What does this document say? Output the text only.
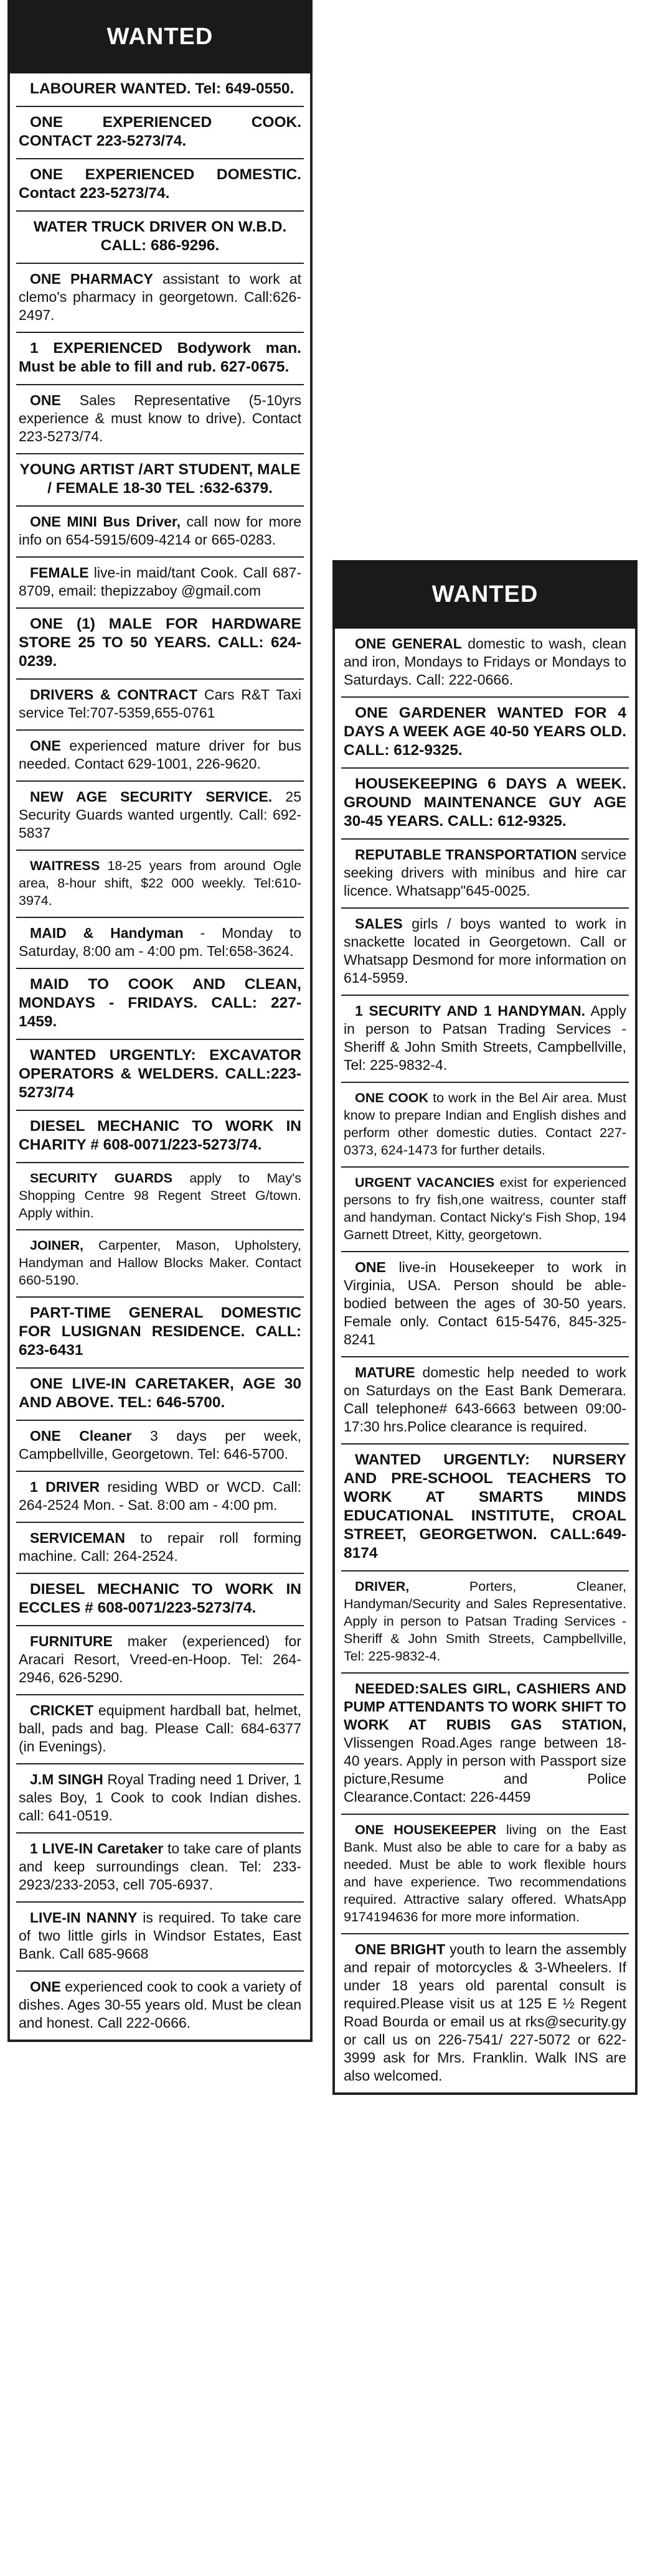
WANTED

LABOURER WANTED. Tel: 649-0550.

ONE EXPERIENCED COOK. CONTACT 223-5273/74.

ONE EXPERIENCED DOMESTIC. Contact 223-5273/74.

WATER TRUCK DRIVER ON W.B.D. CALL: 686-9296.

ONE PHARMACY assistant to work at clemo's pharmacy in georgetown. Call:626-2497.

1 EXPERIENCED Bodywork man. Must be able to fill and rub. 627-0675.

ONE Sales Representative (5-10yrs experience & must know to drive). Contact 223-5273/74.

YOUNG ARTIST /ART STUDENT, MALE / FEMALE 18-30 TEL :632-6379.

ONE MINI Bus Driver, call now for more info on 654-5915/609-4214 or 665-0283.

FEMALE live-in maid/tant Cook. Call 687-8709, email: thepizzaboy @gmail.com

ONE (1) MALE FOR HARDWARE STORE 25 TO 50 YEARS. CALL: 624-0239.

DRIVERS & CONTRACT Cars R&T Taxi service Tel:707-5359,655-0761

ONE experienced mature driver for bus needed. Contact 629-1001, 226-9620.

NEW AGE SECURITY SERVICE. 25 Security Guards wanted urgently. Call: 692-5837

WAITRESS 18-25 years from around Ogle area, 8-hour shift, $22 000 weekly. Tel:610-3974.

MAID & Handyman - Monday to Saturday, 8:00 am - 4:00 pm. Tel:658-3624.

MAID TO COOK AND CLEAN, MONDAYS - FRIDAYS. CALL: 227-1459.

WANTED URGENTLY: EXCAVATOR OPERATORS & WELDERS. CALL:223-5273/74

DIESEL MECHANIC TO WORK IN CHARITY # 608-0071/223-5273/74.

SECURITY GUARDS apply to May's Shopping Centre 98 Regent Street G/town. Apply within.

JOINER, Carpenter, Mason, Upholstery, Handyman and Hallow Blocks Maker. Contact 660-5190.

PART-TIME GENERAL DOMESTIC FOR LUSIGNAN RESIDENCE. CALL: 623-6431

ONE LIVE-IN CARETAKER, AGE 30 AND ABOVE. TEL: 646-5700.

ONE Cleaner 3 days per week, Campbellville, Georgetown. Tel: 646-5700.

1 DRIVER residing WBD or WCD. Call: 264-2524 Mon. - Sat. 8:00 am - 4:00 pm.

SERVICEMAN to repair roll forming machine. Call: 264-2524.

DIESEL MECHANIC TO WORK IN ECCLES # 608-0071/223-5273/74.

FURNITURE maker (experienced) for Aracari Resort, Vreed-en-Hoop. Tel: 264-2946, 626-5290.

CRICKET equipment hardball bat, helmet, ball, pads and bag. Please Call: 684-6377 (in Evenings).

J.M SINGH Royal Trading need 1 Driver, 1 sales Boy, 1 Cook to cook Indian dishes. call: 641-0519.

1 LIVE-IN Caretaker to take care of plants and keep surroundings clean. Tel: 233-2923/233-2053, cell 705-6937.

LIVE-IN NANNY is required. To take care of two little girls in Windsor Estates, East Bank. Call 685-9668

ONE experienced cook to cook a variety of dishes. Ages 30-55 years old. Must be clean and honest. Call 222-0666.

WANTED

ONE GENERAL domestic to wash, clean and iron, Mondays to Fridays or Mondays to Saturdays. Call: 222-0666.

ONE GARDENER WANTED FOR 4 DAYS A WEEK AGE 40-50 YEARS OLD. CALL: 612-9325.

HOUSEKEEPING 6 DAYS A WEEK. GROUND MAINTENANCE GUY AGE 30-45 YEARS. CALL: 612-9325.

REPUTABLE TRANSPORTATION service seeking drivers with minibus and hire car licence. Whatsapp"645-0025.

SALES girls / boys wanted to work in snackette located in Georgetown. Call or Whatsapp Desmond for more information on 614-5959.

1 SECURITY AND 1 HANDYMAN. Apply in person to Patsan Trading Services - Sheriff & John Smith Streets, Campbellville, Tel: 225-9832-4.

ONE COOK to work in the Bel Air area. Must know to prepare Indian and English dishes and perform other domestic duties. Contact 227-0373, 624-1473 for further details.

URGENT VACANCIES exist for experienced persons to fry fish,one waitress, counter staff and handyman. Contact Nicky's Fish Shop, 194 Garnett Dtreet, Kitty, georgetown.

ONE live-in Housekeeper to work in Virginia, USA. Person should be able-bodied between the ages of 30-50 years. Female only. Contact 615-5476, 845-325-8241

MATURE domestic help needed to work on Saturdays on the East Bank Demerara. Call telephone# 643-6663 between 09:00- 17:30 hrs.Police clearance is required.

WANTED URGENTLY: NURSERY AND PRE-SCHOOL TEACHERS TO WORK AT SMARTS MINDS EDUCATIONAL INSTITUTE, CROAL STREET, GEORGETWON. CALL:649-8174

DRIVER, Porters, Cleaner, Handyman/Security and Sales Representative. Apply in person to Patsan Trading Services - Sheriff & John Smith Streets, Campbellville, Tel: 225-9832-4.

NEEDED:SALES GIRL, CASHIERS AND PUMP ATTENDANTS TO WORK SHIFT TO WORK AT RUBIS GAS STATION, Vlissengen Road.Ages range between 18-40 years. Apply in person with Passport size picture,Resume and Police Clearance.Contact: 226-4459

ONE HOUSEKEEPER living on the East Bank. Must also be able to care for a baby as needed. Must be able to work flexible hours and have experience. Two recommendations required. Attractive salary offered. WhatsApp 9174194636 for more more information.

ONE BRIGHT youth to learn the assembly and repair of motorcycles & 3-Wheelers. If under 18 years old parental consult is required.Please visit us at 125 E ½ Regent Road Bourda or email us at rks@security.gy or call us on 226-7541/ 227-5072 or 622-3999 ask for Mrs. Franklin. Walk INS are also welcomed.
